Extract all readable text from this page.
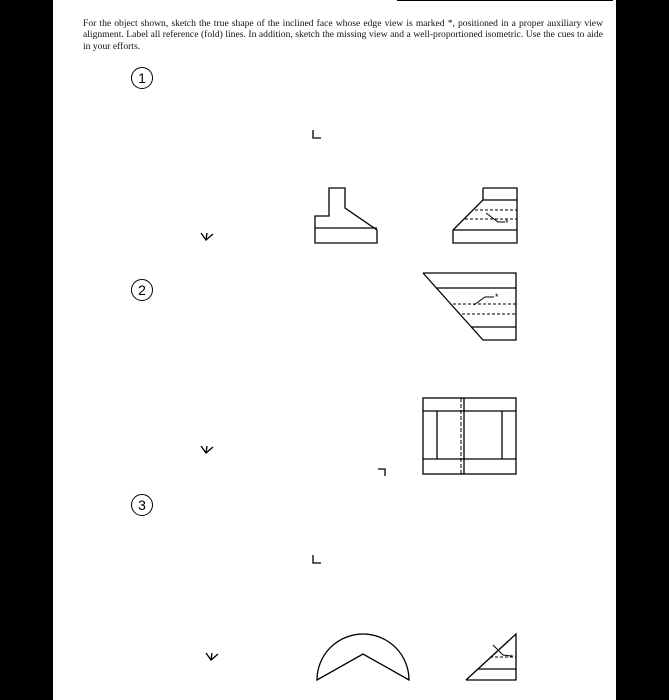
For the object shown, sketch the true shape of the inclined face whose edge view is marked *, positioned in a proper auxiliary view alignment. Label all reference (fold) lines. In addition, sketch the missing view and a well-proportioned isometric. Use the cues to aide in your efforts.

1
2
3
*
*
*
